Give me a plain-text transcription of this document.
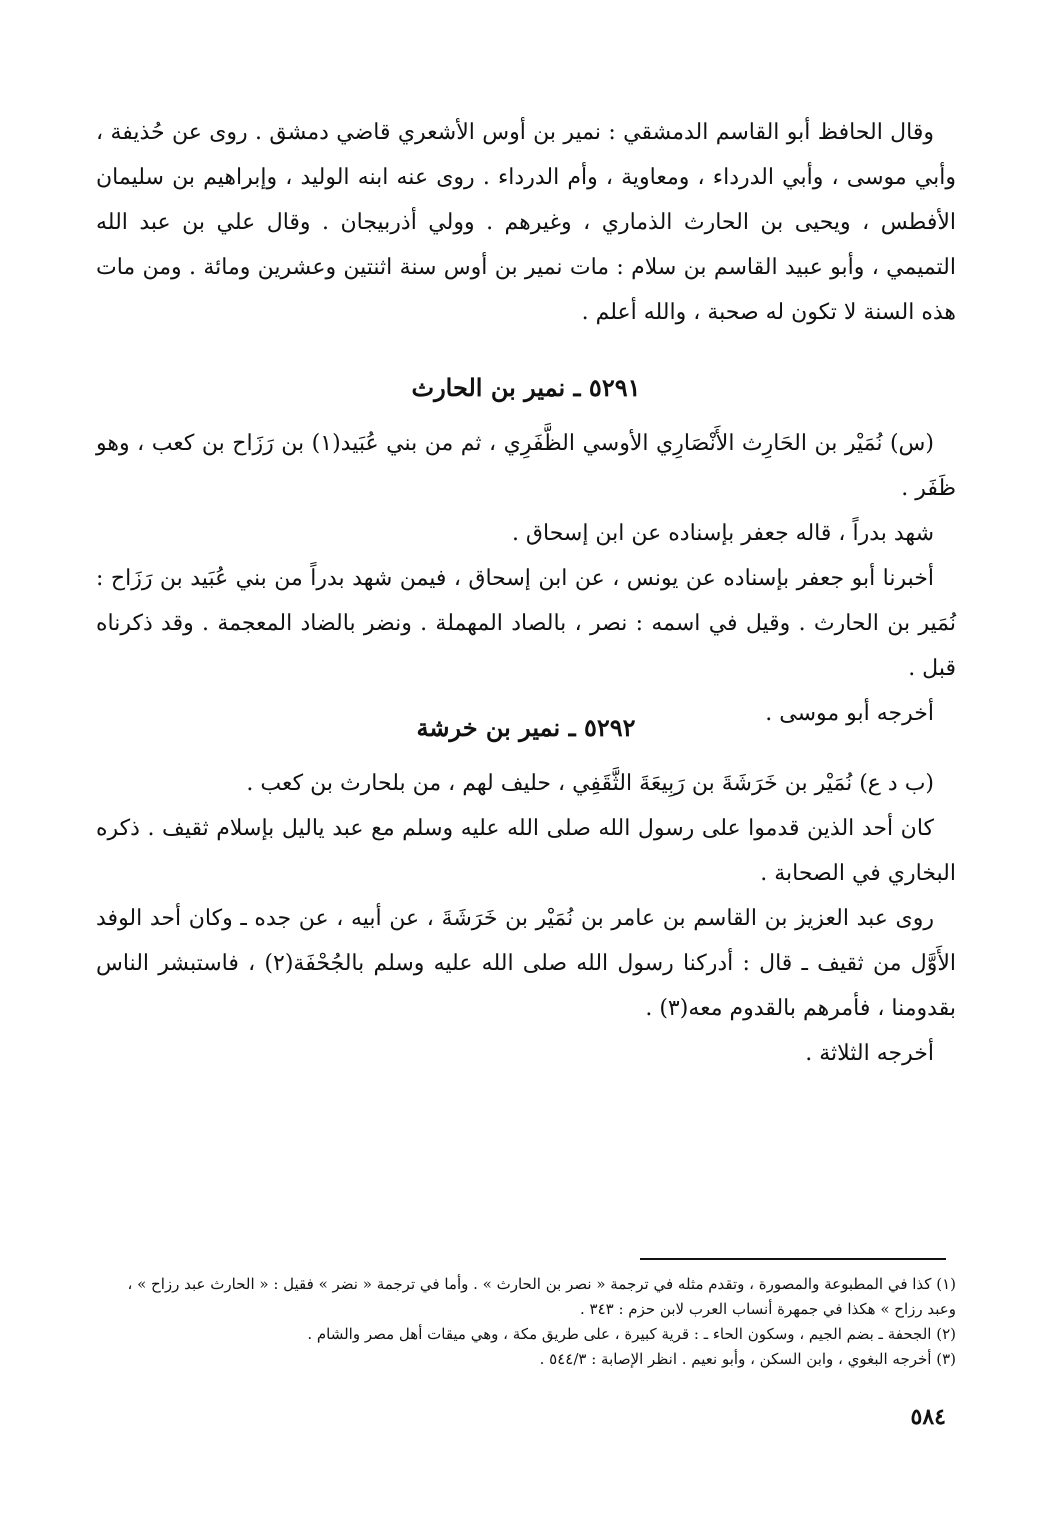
وقال الحافظ أبو القاسم الدمشقي : نمير بن أوس الأشعري قاضي دمشق . روى عن حُذيفة ، وأبي موسى ، وأبي الدرداء ، ومعاوية ، وأم الدرداء . روى عنه ابنه الوليد ، وإبراهيم بن سليمان الأفطس ، ويحيى بن الحارث الذماري ، وغيرهم . وولي أذربيجان . وقال علي بن عبد الله التميمي ، وأبو عبيد القاسم بن سلام : مات نمير بن أوس سنة اثنتين وعشرين ومائة . ومن مات هذه السنة لا تكون له صحبة ، والله أعلم .

٥٢٩١ ـ نمير بن الحارث

(س) نُمَيْر بن الحَارِث الأَنْصَارِي الأوسي الظَّفَرِي ، ثم من بني عُبَيد(١) بن رَزَاح بن كعب ، وهو ظَفَر .

شهد بدراً ، قاله جعفر بإسناده عن ابن إسحاق .

أخبرنا أبو جعفر بإسناده عن يونس ، عن ابن إسحاق ، فيمن شهد بدراً من بني عُبَيد بن رَزَاح : نُمَير بن الحارث . وقيل في اسمه : نصر ، بالصاد المهملة . ونضر بالضاد المعجمة . وقد ذكرناه قبل .

أخرجه أبو موسى .

٥٢٩٢ ـ نمير بن خرشة

(ب د ع) نُمَيْر بن خَرَشَةَ بن رَبِيعَةَ الثَّقَفِي ، حليف لهم ، من بلحارث بن كعب .

كان أحد الذين قدموا على رسول الله صلى الله عليه وسلم مع عبد ياليل بإسلام ثقيف . ذكره البخاري في الصحابة .

روى عبد العزيز بن القاسم بن عامر بن نُمَيْر بن خَرَشَةَ ، عن أبيه ، عن جده ـ وكان أحد الوفد الأَوَّل من ثقيف ـ قال : أدركنا رسول الله صلى الله عليه وسلم بالجُحْفَة(٢) ، فاستبشر الناس بقدومنا ، فأمرهم بالقدوم معه(٣) .

أخرجه الثلاثة .

(١) كذا في المطبوعة والمصورة ، وتقدم مثله في ترجمة « نصر بن الحارث » . وأما في ترجمة « نضر » فقيل : « الحارث عبد رزاح » ، وعبد رزاح » هكذا في جمهرة أنساب العرب لابن حزم : ٣٤٣ .

(٢) الجحفة ـ بضم الجيم ، وسكون الحاء ـ : قرية كبيرة ، على طريق مكة ، وهي ميقات أهل مصر والشام .

(٣) أخرجه البغوي ، وابن السكن ، وأبو نعيم . انظر الإصابة : ٥٤٤/٣ .

٥٨٤
